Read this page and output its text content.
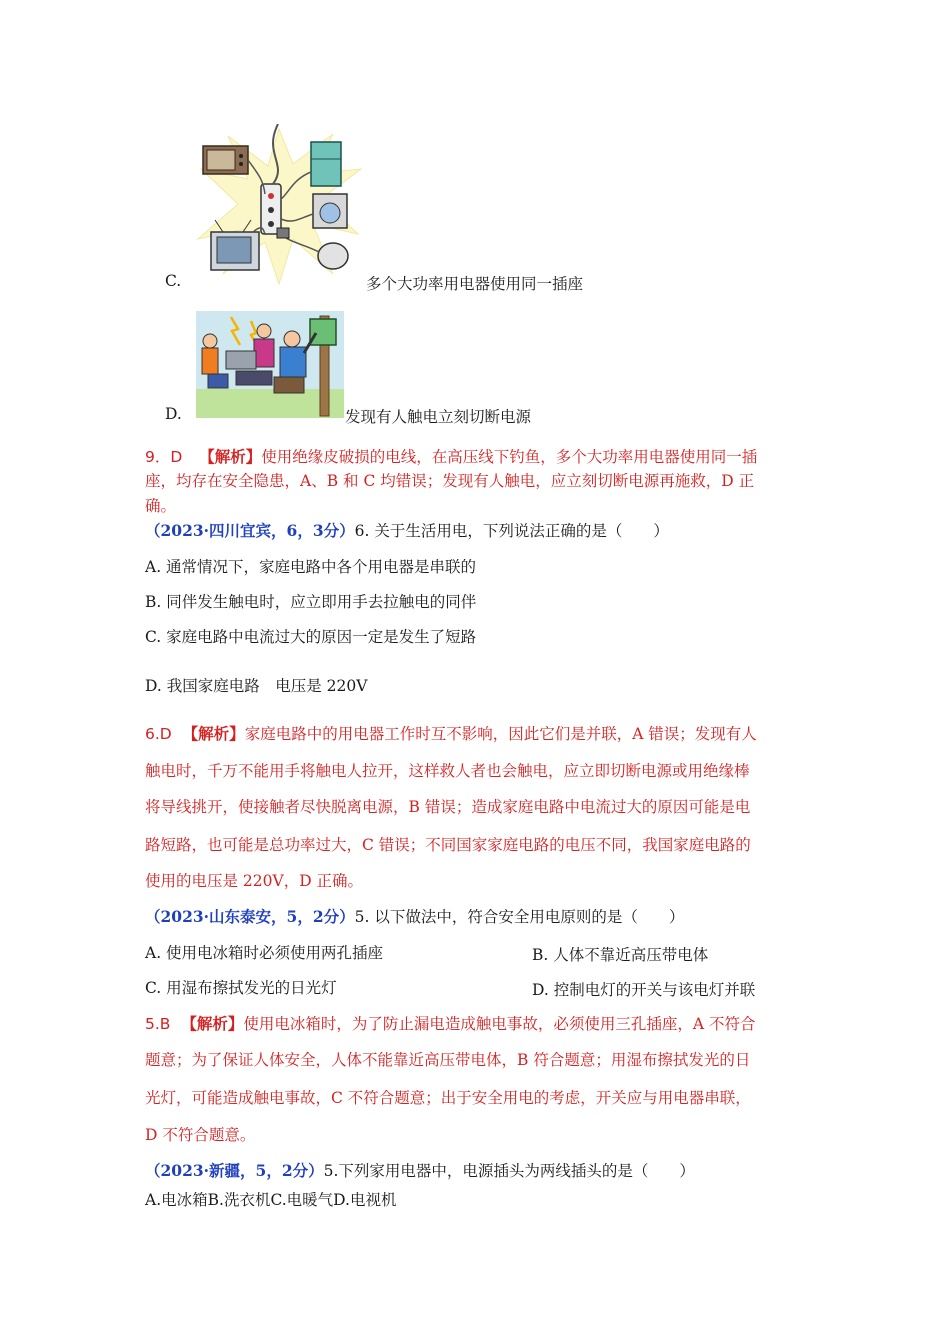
C.	多个大功率用电器使用同一插座
D.	发现有人触电立刻切断电源
9．D 【解析】使用绝缘皮破损的电线，在高压线下钓鱼，多个大功率用电器使用同一插
座，均存在安全隐患，A、B 和 C 均错误；发现有人触电，应立刻切断电源再施救，D 正
确。
（2023·四川宜宾，6，3分）6. 关于生活用电，下列说法正确的是（　　）
A. 通常情况下，家庭电路中各个用电器是串联的
B. 同伴发生触电时，应立即用手去拉触电的同伴
C. 家庭电路中电流过大的原因一定是发生了短路
D. 我国家庭电路　电压是 220V
6.D 【解析】家庭电路中的用电器工作时互不影响，因此它们是并联，A 错误；发现有人
触电时，千万不能用手将触电人拉开，这样救人者也会触电，应立即切断电源或用绝缘棒
将导线挑开，使接触者尽快脱离电源，B 错误；造成家庭电路中电流过大的原因可能是电
路短路，也可能是总功率过大，C 错误；不同国家家庭电路的电压不同，我国家庭电路的
使用的电压是 220V，D 正确。
（2023·山东泰安，5，2分）5. 以下做法中，符合安全用电原则的是（　　）
A. 使用电冰箱时必须使用两孔插座	B. 人体不靠近高压带电体
C. 用湿布擦拭发光的日光灯	D. 控制电灯的开关与该电灯并联
5.B 【解析】使用电冰箱时，为了防止漏电造成触电事故，必须使用三孔插座，A 不符合
题意；为了保证人体安全，人体不能靠近高压带电体，B 符合题意；用湿布擦拭发光的日
光灯，可能造成触电事故，C 不符合题意；出于安全用电的考虑，开关应与用电器串联，
D 不符合题意。
（2023·新疆，5，2分）5.下列家用电器中，电源插头为两线插头的是（　　）
A.电冰箱B.洗衣机C.电暖气D.电视机
